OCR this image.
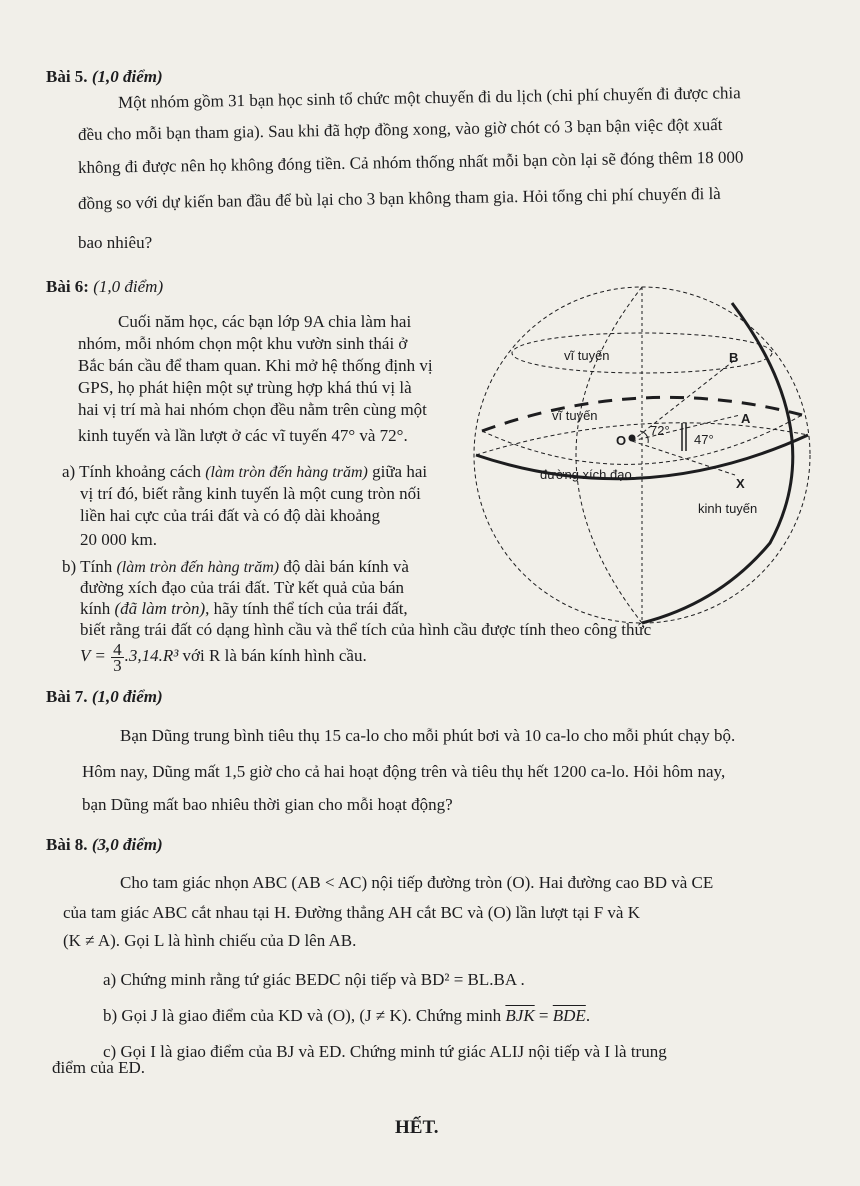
Bài 5. (1,0 điểm)
Một nhóm gồm 31 bạn học sinh tổ chức một chuyến đi du lịch (chi phí chuyến đi được chia
đều cho mỗi bạn tham gia). Sau khi đã hợp đồng xong, vào giờ chót có 3 bạn bận việc đột xuất
không đi được nên họ không đóng tiền. Cả nhóm thống nhất mỗi bạn còn lại sẽ đóng thêm 18 000
đồng so với dự kiến ban đầu để bù lại cho 3 bạn không tham gia. Hỏi tổng chi phí chuyến đi là
bao nhiêu?
Bài 6: (1,0 điểm)
Cuối năm học, các bạn lớp 9A chia làm hai
nhóm, mỗi nhóm chọn một khu vườn sinh thái ở
Bắc bán cầu để tham quan. Khi mở hệ thống định vị
GPS, họ phát hiện một sự trùng hợp khá thú vị là
hai vị trí mà hai nhóm chọn đều nằm trên cùng một
kinh tuyến và lần lượt ở các vĩ tuyến 47° và 72°.
a) Tính khoảng cách (làm tròn đến hàng trăm) giữa hai
vị trí đó, biết rằng kinh tuyến là một cung tròn nối
liền hai cực của trái đất và có độ dài khoảng
20 000 km.
b) Tính (làm tròn đến hàng trăm) độ dài bán kính và
đường xích đạo của trái đất. Từ kết quả của bán
kính (đã làm tròn), hãy tính thể tích của trái đất,
biết rằng trái đất có dạng hình cầu và thể tích của hình cầu được tính theo công thức
$V = \frac{4}{3} .3,14.R^3$ với R là bán kính hình cầu.
vĩ tuyến
vĩ tuyến
đường xích đạo
kinh tuyến
B
A
X
O
72°
47°
Bài 7. (1,0 điểm)
Bạn Dũng trung bình tiêu thụ 15 ca-lo cho mỗi phút bơi và 10 ca-lo cho mỗi phút chạy bộ.
Hôm nay, Dũng mất 1,5 giờ cho cả hai hoạt động trên và tiêu thụ hết 1200 ca-lo. Hỏi hôm nay,
bạn Dũng mất bao nhiêu thời gian cho mỗi hoạt động?
Bài 8. (3,0 điểm)
Cho tam giác nhọn ABC (AB < AC) nội tiếp đường tròn (O). Hai đường cao BD và CE
của tam giác ABC cắt nhau tại H. Đường thẳng AH cắt BC và (O) lần lượt tại F và K
(K ≠ A). Gọi L là hình chiếu của D lên AB.
a) Chứng minh rằng tứ giác BEDC nội tiếp và BD² = BL.BA .
b) Gọi J là giao điểm của KD và (O), (J ≠ K). Chứng minh $\overline{BJK} = \overline{BDE}$.
c) Gọi I là giao điểm của BJ và ED. Chứng minh tứ giác ALIJ nội tiếp và I là trung
điểm của ED.
HẾT.
